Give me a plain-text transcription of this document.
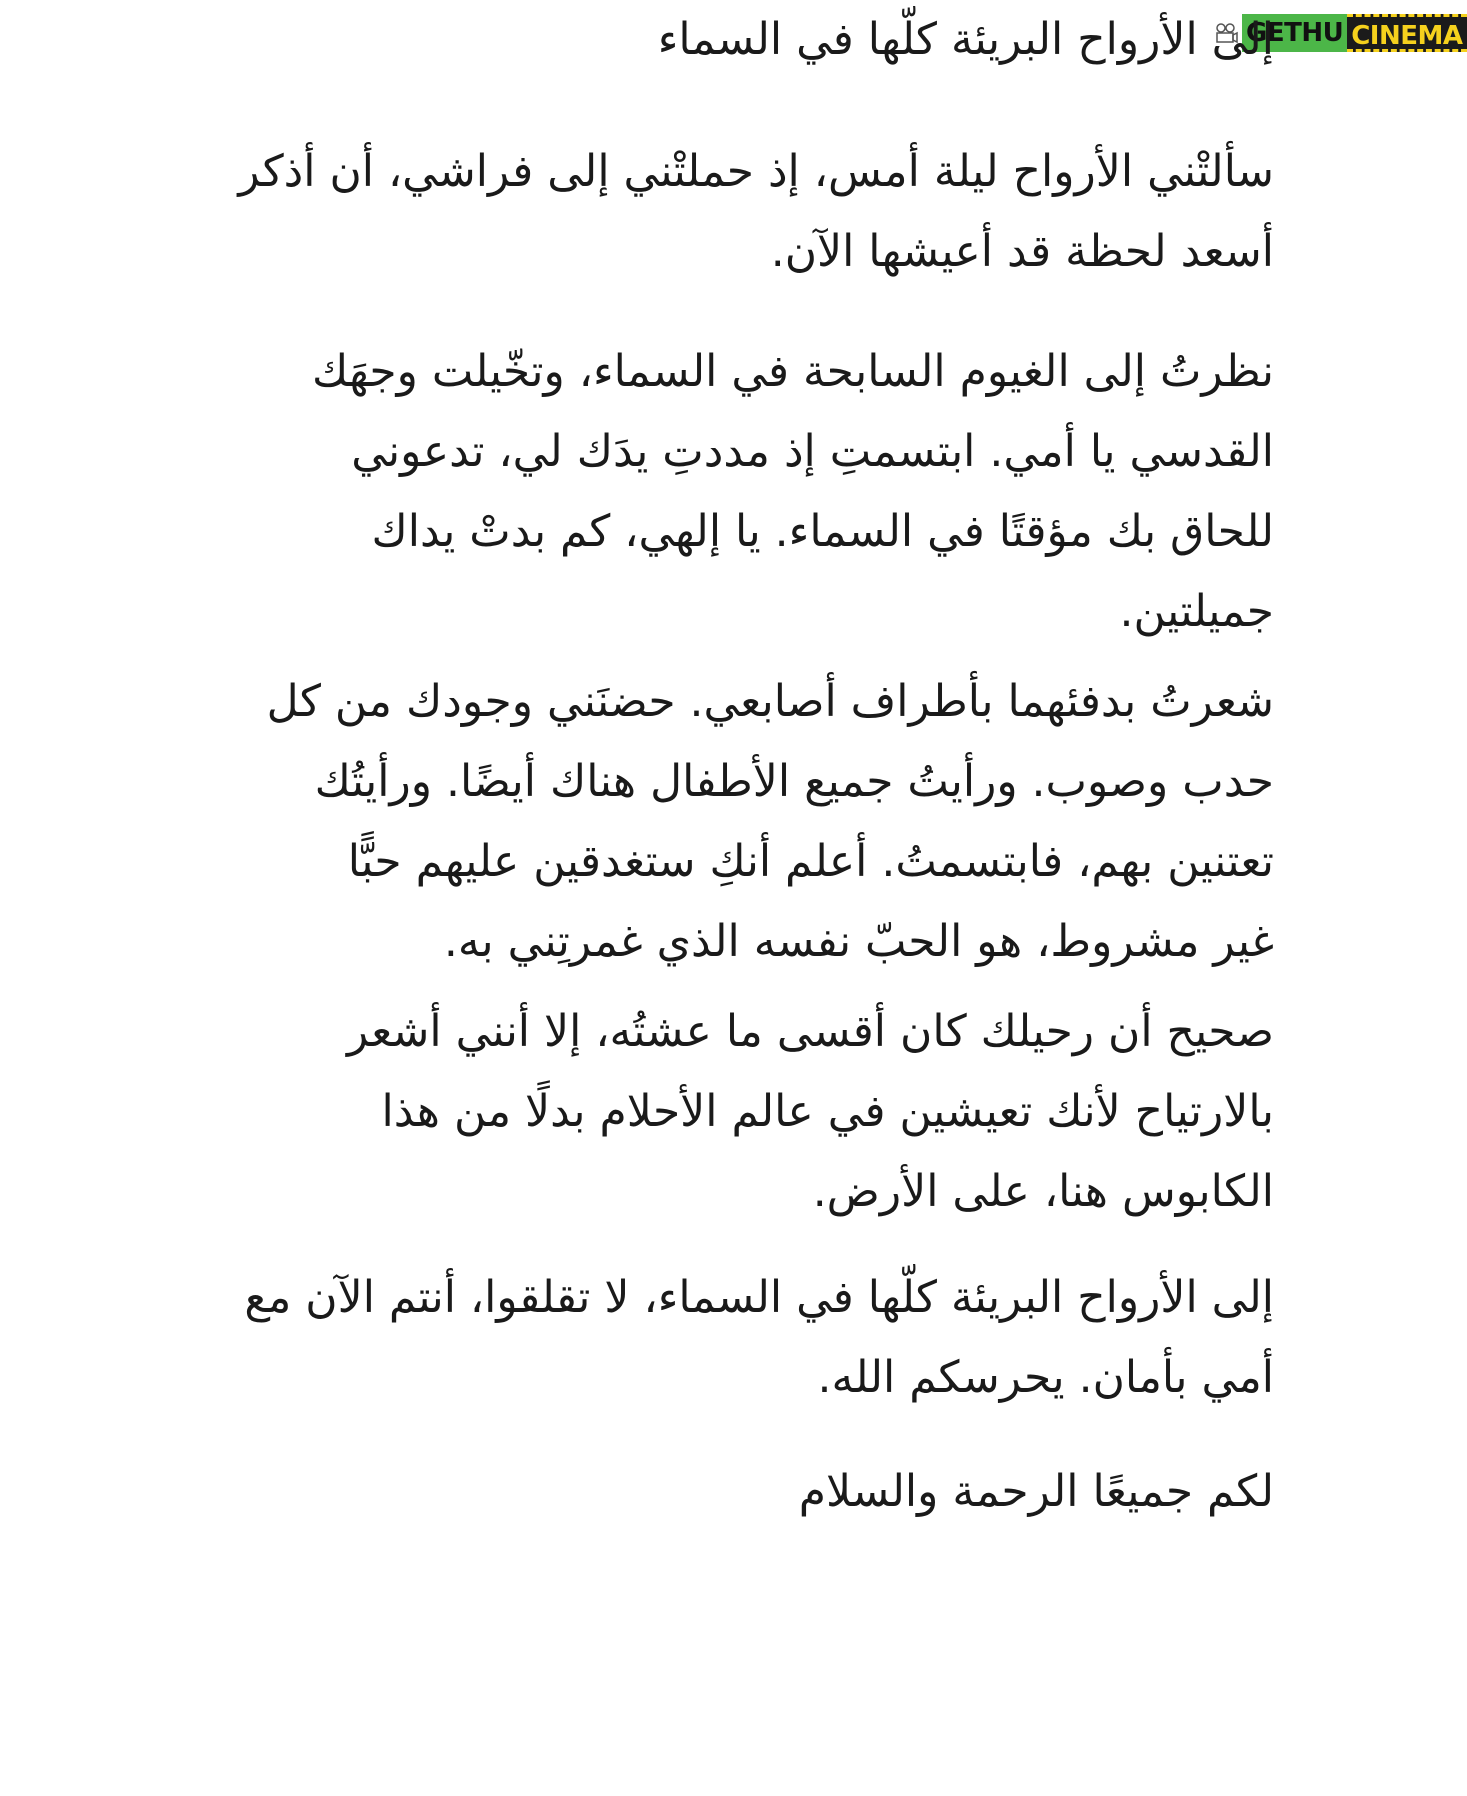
GETHU CINEMA

إلى الأرواح البريئة كلّها في السماء

سألتْني الأرواح ليلة أمس، إذ حملتْني إلى فراشي، أن أذكر
أسعد لحظة قد أعيشها الآن.

نظرتُ إلى الغيوم السابحة في السماء، وتخّيلت وجهَك
القدسي يا أمي. ابتسمتِ إذ مددتِ يدَك لي، تدعوني
للحاق بك مؤقتًا في السماء. يا إلهي، كم بدتْ يداك
جميلتين.

شعرتُ بدفئهما بأطراف أصابعي. حضنَني وجودك من كل
حدب وصوب. ورأيتُ جميع الأطفال هناك أيضًا. ورأيتُك
تعتنين بهم، فابتسمتُ. أعلم أنكِ ستغدقين عليهم حبًّا
غير مشروط، هو الحبّ نفسه الذي غمرتِني به.

صحيح أن رحيلك كان أقسى ما عشتُه، إلا أنني أشعر
بالارتياح لأنك تعيشين في عالم الأحلام بدلًا من هذا
الكابوس هنا، على الأرض.

إلى الأرواح البريئة كلّها في السماء، لا تقلقوا، أنتم الآن مع
أمي بأمان. يحرسكم الله.

لكم جميعًا الرحمة والسلام
